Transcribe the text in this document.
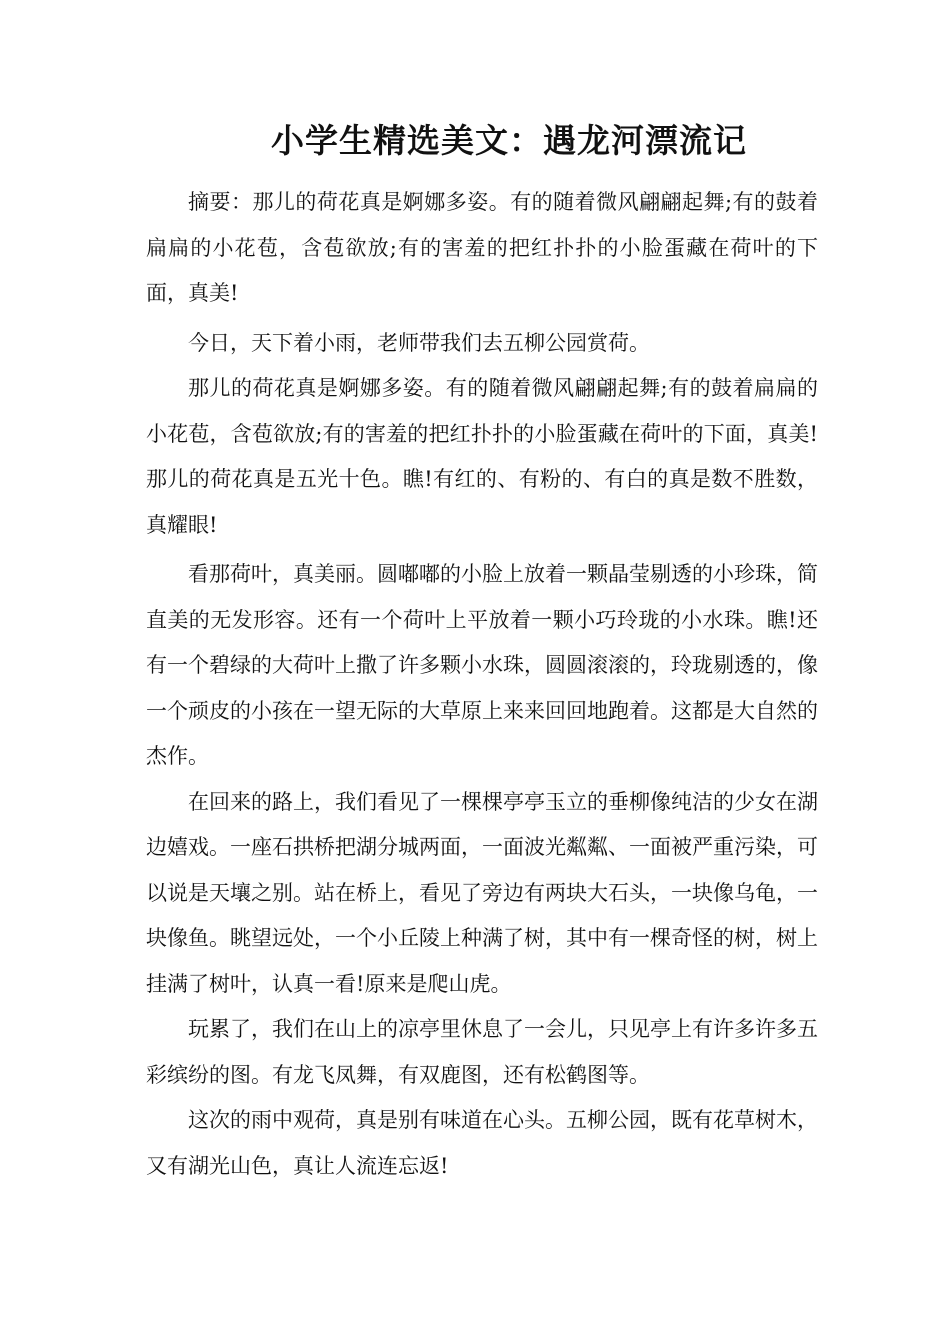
小学生精选美文：遇龙河漂流记

摘要：那儿的荷花真是婀娜多姿。有的随着微风翩翩起舞;有的鼓着扁扁的小花苞，含苞欲放;有的害羞的把红扑扑的小脸蛋藏在荷叶的下面，真美!

今日，天下着小雨，老师带我们去五柳公园赏荷。

那儿的荷花真是婀娜多姿。有的随着微风翩翩起舞;有的鼓着扁扁的小花苞，含苞欲放;有的害羞的把红扑扑的小脸蛋藏在荷叶的下面，真美!那儿的荷花真是五光十色。瞧!有红的、有粉的、有白的真是数不胜数，真耀眼!

看那荷叶，真美丽。圆嘟嘟的小脸上放着一颗晶莹剔透的小珍珠，简直美的无发形容。还有一个荷叶上平放着一颗小巧玲珑的小水珠。瞧!还有一个碧绿的大荷叶上撒了许多颗小水珠，圆圆滚滚的，玲珑剔透的，像一个顽皮的小孩在一望无际的大草原上来来回回地跑着。这都是大自然的杰作。

在回来的路上，我们看见了一棵棵亭亭玉立的垂柳像纯洁的少女在湖边嬉戏。一座石拱桥把湖分城两面，一面波光粼粼、一面被严重污染，可以说是天壤之别。站在桥上，看见了旁边有两块大石头，一块像乌龟，一块像鱼。眺望远处，一个小丘陵上种满了树，其中有一棵奇怪的树，树上挂满了树叶，认真一看!原来是爬山虎。

玩累了，我们在山上的凉亭里休息了一会儿，只见亭上有许多许多五彩缤纷的图。有龙飞凤舞，有双鹿图，还有松鹤图等。

这次的雨中观荷，真是别有味道在心头。五柳公园，既有花草树木，又有湖光山色，真让人流连忘返!
